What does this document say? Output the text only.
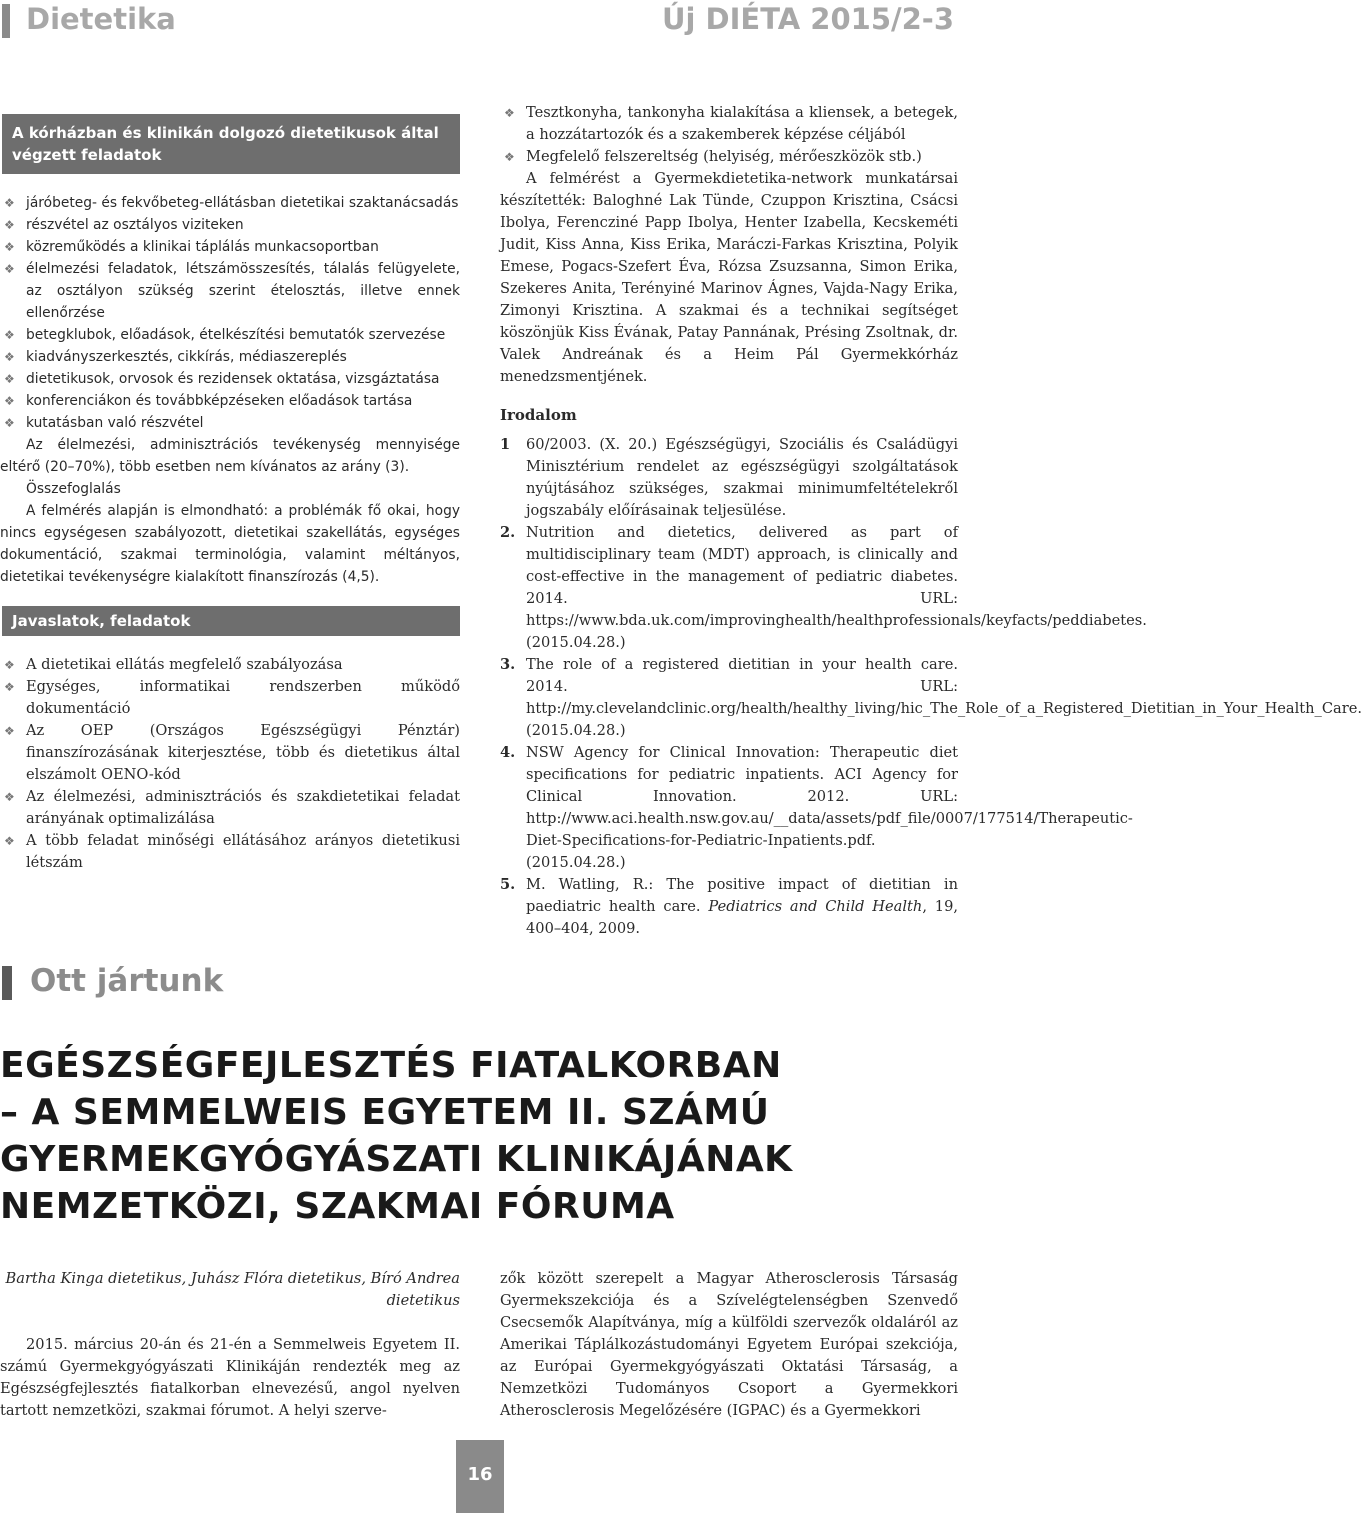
Dietetika	Új DIÉTA 2015/2-3
A kórházban és klinikán dolgozó dietetikusok által végzett feladatok
❖ járóbeteg- és fekvőbeteg-ellátásban dietetikai szaktanácsadás
❖ részvétel az osztályos viziteken
❖ közreműködés a klinikai táplálás munkacsoportban
❖ élelmezési feladatok, létszámösszesítés, tálalás felügyelete, az osztályon szükség szerint ételosztás, illetve ennek ellenőrzése
❖ betegklubok, előadások, ételkészítési bemutatók szervezése
❖ kiadványszerkesztés, cikkírás, médiaszereplés
❖ dietetikusok, orvosok és rezidensek oktatása, vizsgáztatása
❖ konferenciákon és továbbképzéseken előadások tartása
❖ kutatásban való részvétel

Az élelmezési, adminisztrációs tevékenység mennyisége eltérő (20–70%), több esetben nem kívánatos az arány (3).

Összefoglalás

A felmérés alapján is elmondható: a problémák fő okai, hogy nincs egységesen szabályozott, dietetikai szakellátás, egységes dokumentáció, szakmai terminológia, valamint méltányos, dietetikai tevékenységre kialakított finanszírozás (4,5).

Javaslatok, feladatok
❖ A dietetikai ellátás megfelelő szabályozása
❖ Egységes, informatikai rendszerben működő dokumentáció
❖ Az OEP (Országos Egészségügyi Pénztár) finanszírozásának kiterjesztése, több és dietetikus által elszámolt OENO-kód
❖ Az élelmezési, adminisztrációs és szakdietetikai feladat arányának optimalizálása
❖ A több feladat minőségi ellátásához arányos dietetikusi létszám
❖ Tesztkonyha, tankonyha kialakítása a kliensek, a betegek, a hozzátartozók és a szakemberek képzése céljából
❖ Megfelelő felszereltség (helyiség, mérőeszközök stb.)

A felmérést a Gyermekdietetika-network munkatársai készítették: Baloghné Lak Tünde, Czuppon Krisztina, Csácsi Ibolya, Ferencziné Papp Ibolya, Henter Izabella, Kecskeméti Judit, Kiss Anna, Kiss Erika, Maráczi-Farkas Krisztina, Polyik Emese, Pogacs-Szefert Éva, Rózsa Zsuzsanna, Simon Erika, Szekeres Anita, Terényiné Marinov Ágnes, Vajda-Nagy Erika, Zimonyi Krisztina. A szakmai és a technikai segítséget köszönjük Kiss Évának, Patay Pannának, Présing Zsoltnak, dr. Valek Andreának és a Heim Pál Gyermekkórház menedzsmentjének.

Irodalom
1 60/2003. (X. 20.) Egészségügyi, Szociális és Családügyi Minisztérium rendelet az egészségügyi szolgáltatások nyújtásához szükséges, szakmai minimumfeltételekről jogszabály előírásainak teljesülése.
2. Nutrition and dietetics, delivered as part of multidisciplinary team (MDT) approach, is clinically and cost-effective in the management of pediatric diabetes. 2014. URL: https://www.bda.uk.com/improvinghealth/healthprofessionals/keyfacts/peddiabetes. (2015.04.28.)
3. The role of a registered dietitian in your health care. 2014. URL: http://my.clevelandclinic.org/health/healthy_living/hic_The_Role_of_a_Registered_Dietitian_in_Your_Health_Care. (2015.04.28.)
4. NSW Agency for Clinical Innovation: Therapeutic diet specifications for pediatric inpatients. ACI Agency for Clinical Innovation. 2012. URL: http://www.aci.health.nsw.gov.au/__data/assets/pdf_file/0007/177514/Therapeutic-Diet-Specifications-for-Pediatric-Inpatients.pdf. (2015.04.28.)
5. M. Watling, R.: The positive impact of dietitian in paediatric health care. Pediatrics and Child Health, 19, 400–404, 2009.
Ott jártunk
EGÉSZSÉGFEJLESZTÉS FIATALKORBAN
– A SEMMELWEIS EGYETEM II. SZÁMÚ
GYERMEKGYÓGYÁSZATI KLINIKÁJÁNAK
NEMZETKÖZI, SZAKMAI FÓRUMA
Bartha Kinga dietetikus, Juhász Flóra dietetikus, Bíró Andrea dietetikus

2015. március 20-án és 21-én a Semmelweis Egyetem II. számú Gyermekgyógyászati Klinikáján rendezték meg az Egészségfejlesztés fiatalkorban elnevezésű, angol nyelven tartott nemzetközi, szakmai fórumot. A helyi szerve-

zők között szerepelt a Magyar Atherosclerosis Társaság Gyermekszekciója és a Szívelégtelenségben Szenvedő Csecsemők Alapítványa, míg a külföldi szervezők oldaláról az Amerikai Táplálkozástudományi Egyetem Európai szekciója, az Európai Gyermekgyógyászati Oktatási Társaság, a Nemzetközi Tudományos Csoport a Gyermekkori Atherosclerosis Megelőzésére (IGPAC) és a Gyermekkori

16
